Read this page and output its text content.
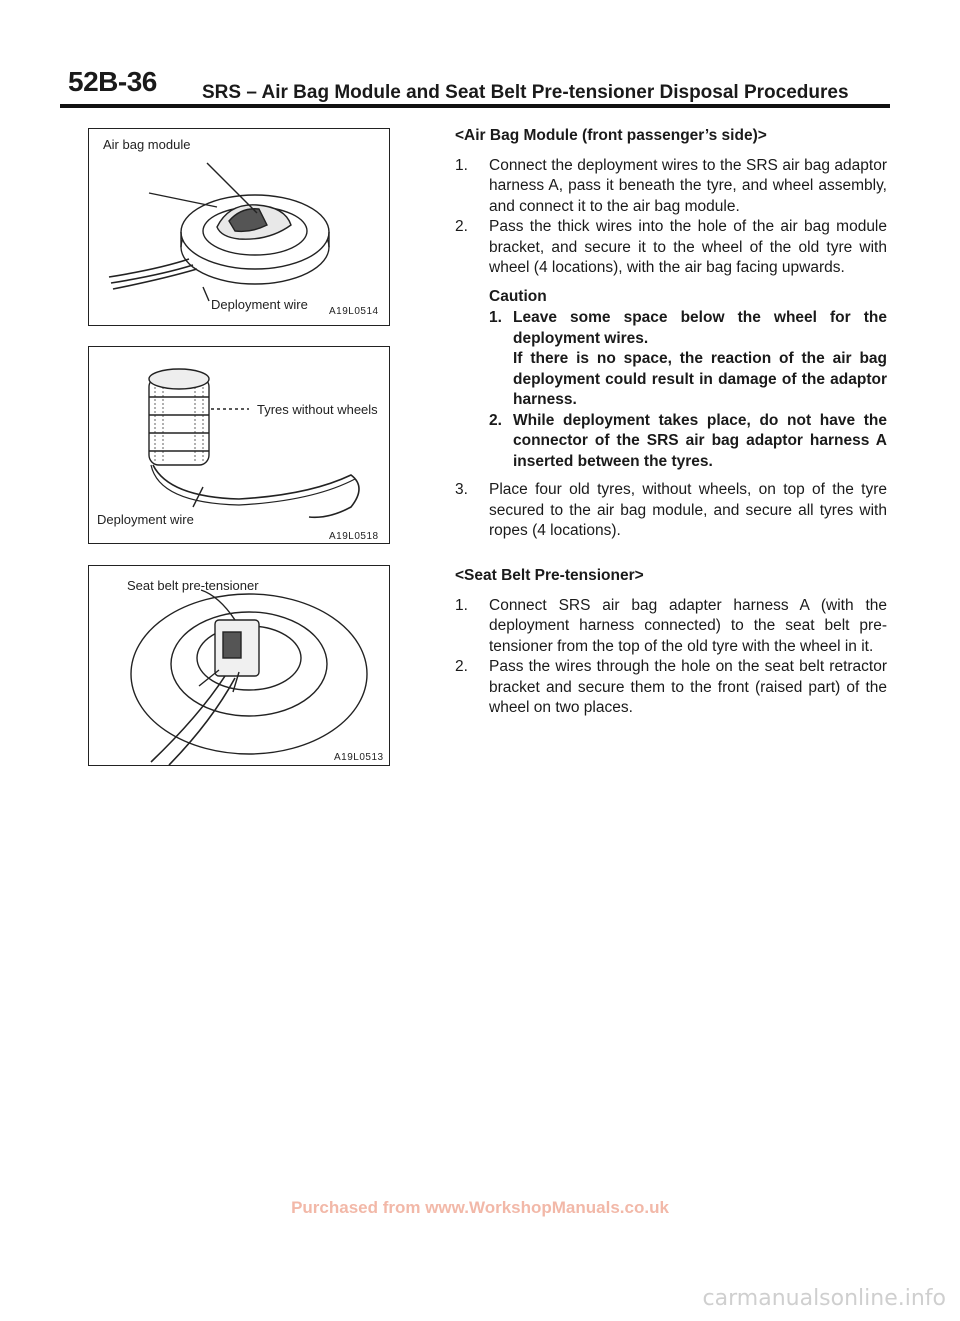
52B-36 SRS – Air Bag Module and Seat Belt Pre-tensioner Disposal Procedures
Air bag module
Deployment wire A19L0514
Tyres without wheels
Deployment wire
A19L0518
Seat belt pre-tensioner
A19L0513
<Air Bag Module (front passenger’s side)>
1.	Connect the deployment wires to the SRS air bag adaptor harness A, pass it beneath the tyre, and wheel assembly, and connect it to the air bag module.
2.	Pass the thick wires into the hole of the air bag module bracket, and secure it to the wheel of the old tyre with wheel (4 locations), with the air bag facing upwards.
Caution
1. Leave some space below the wheel for the deployment wires.
If there is no space, the reaction of the air bag deployment could result in damage of the adaptor harness.
2. While deployment takes place, do not have the connector of the SRS air bag adaptor harness A inserted between the tyres.
3.	Place four old tyres, without wheels, on top of the tyre secured to the air bag module, and secure all tyres with ropes (4 locations).
<Seat Belt Pre-tensioner>
1.	Connect SRS air bag adapter harness A (with the deployment harness connected) to the seat belt pre-tensioner from the top of the old tyre with the wheel in it.
2.	Pass the wires through the hole on the seat belt retractor bracket and secure them to the front (raised part) of the wheel on two places.
Purchased from www.WorkshopManuals.co.uk
carmanualsonline.info
